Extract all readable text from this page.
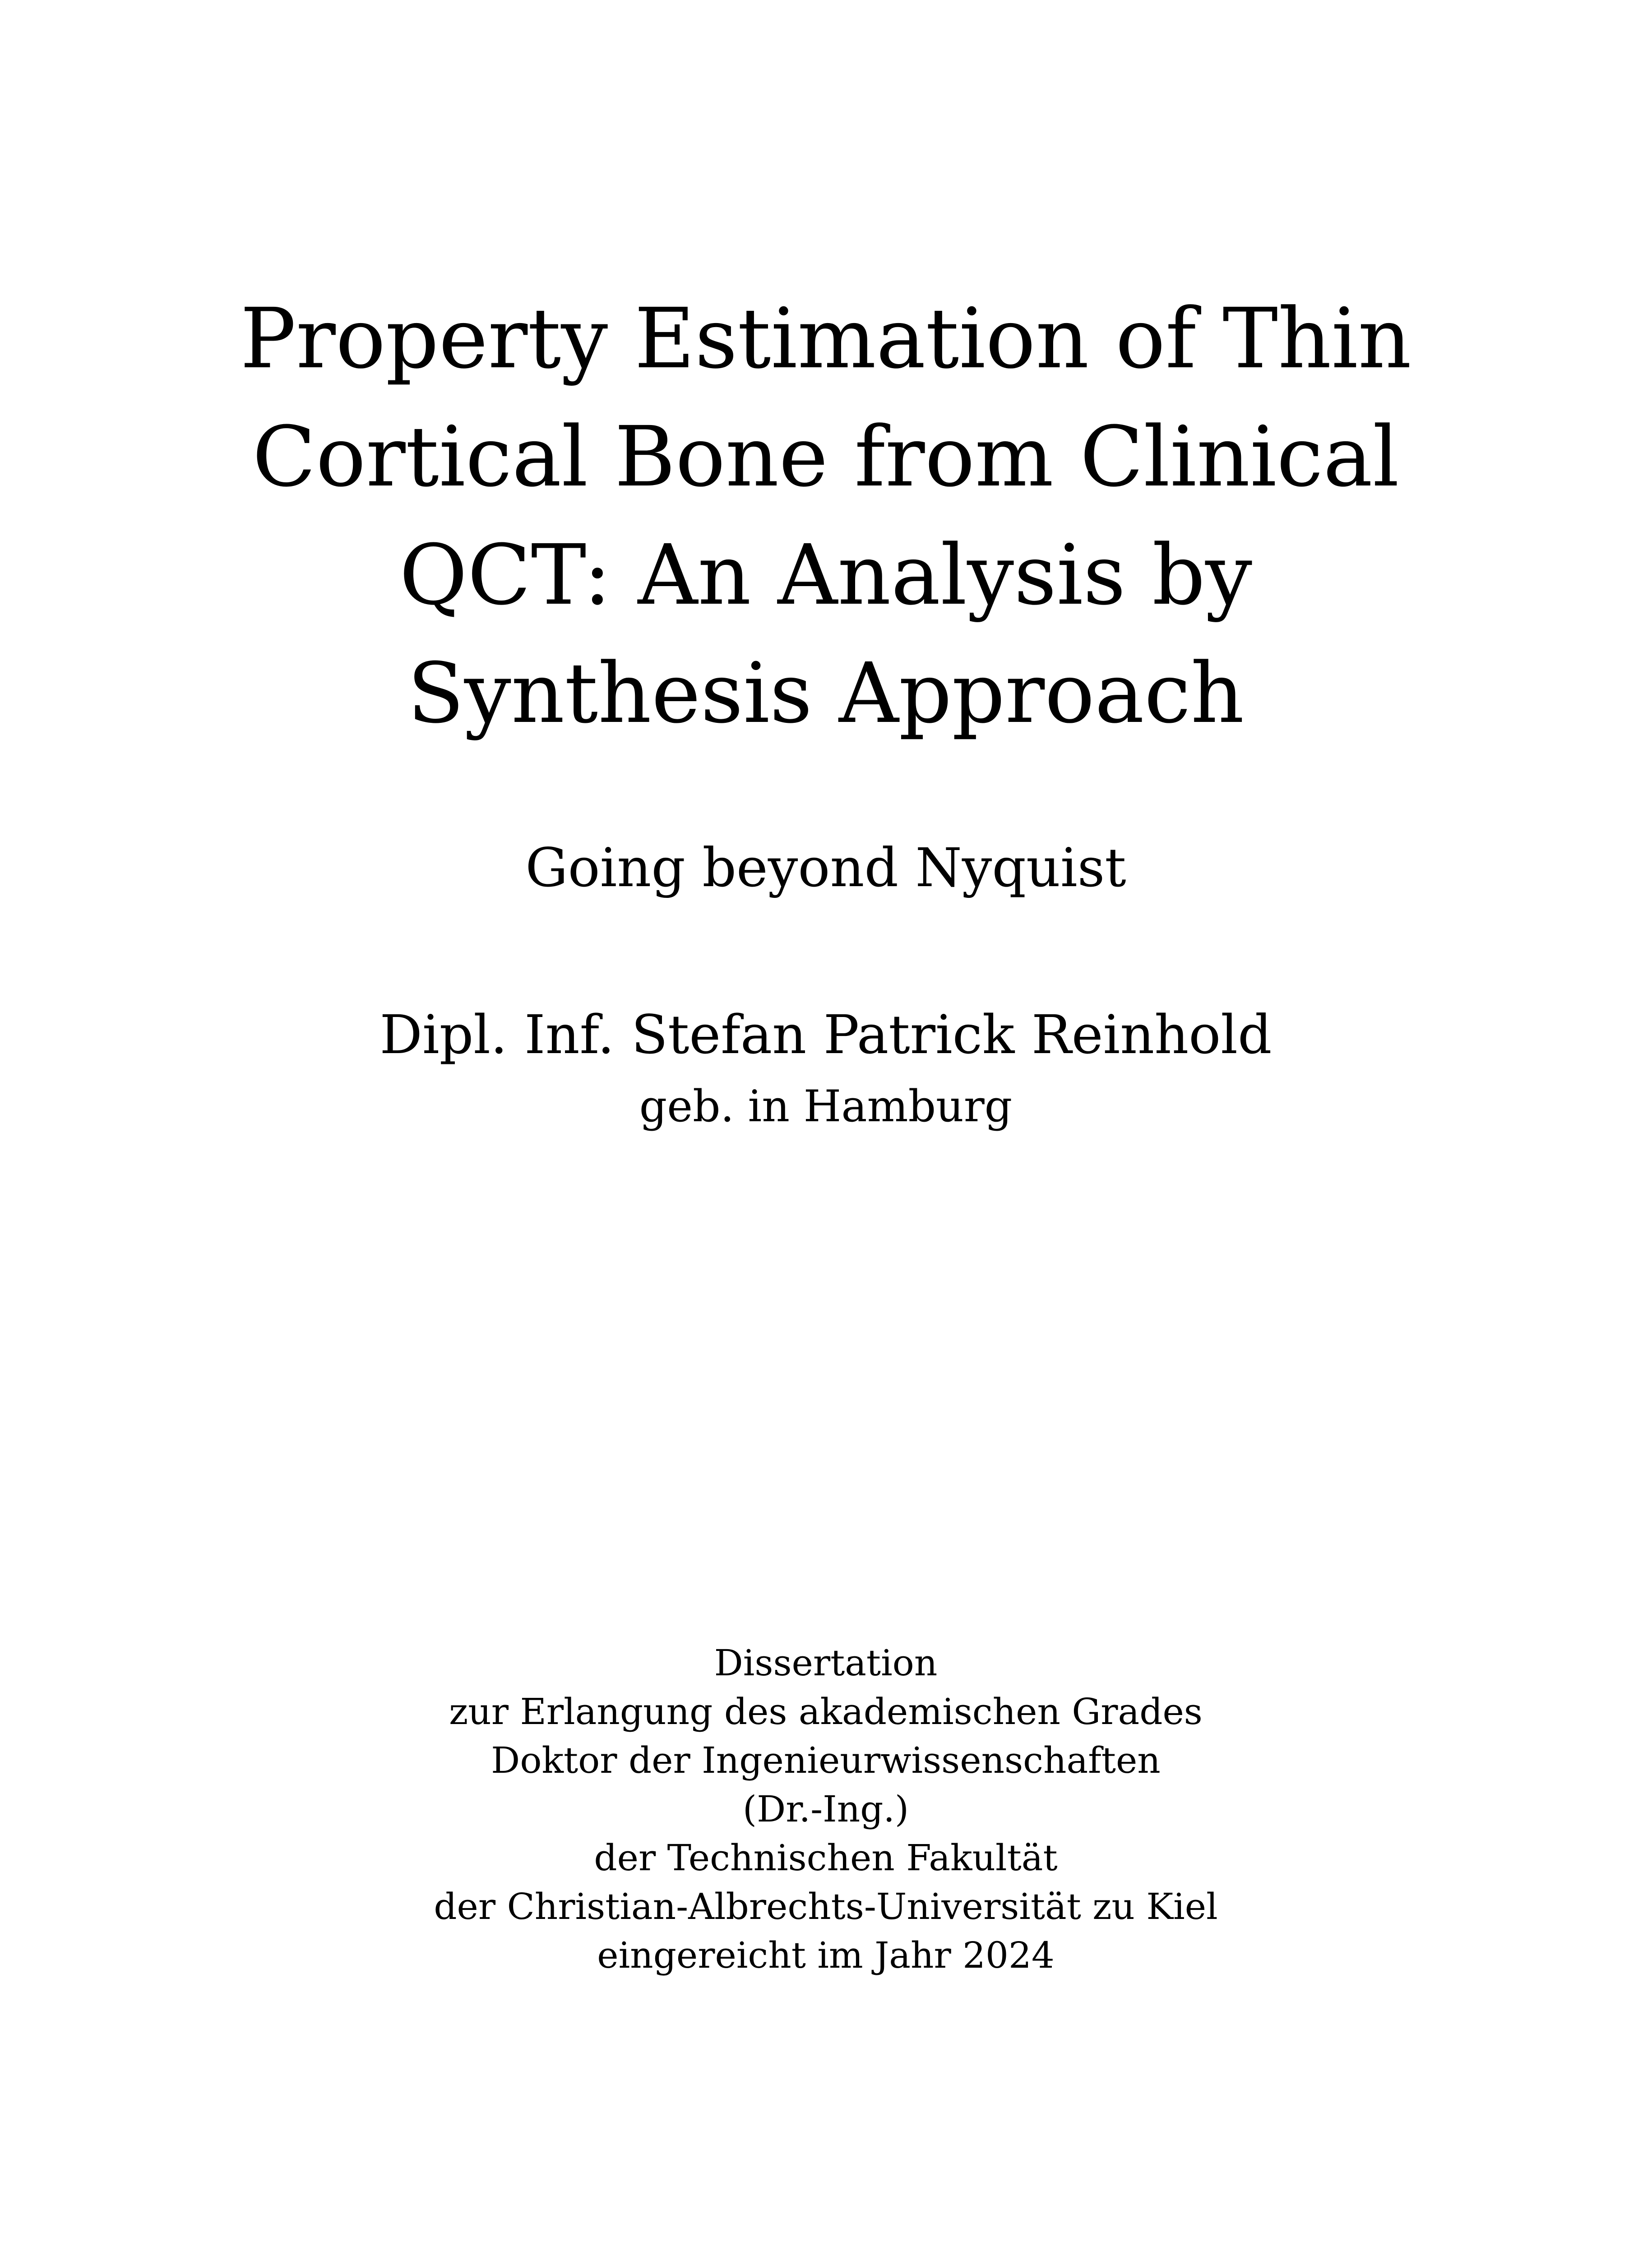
Property Estimation of Thin
Cortical Bone from Clinical
QCT: An Analysis by
Synthesis Approach

Going beyond Nyquist

Dipl. Inf. Stefan Patrick Reinhold

geb. in Hamburg

Dissertation
zur Erlangung des akademischen Grades
Doktor der Ingenieurwissenschaften
(Dr.-Ing.)
der Technischen Fakultät
der Christian-Albrechts-Universität zu Kiel
eingereicht im Jahr 2024
